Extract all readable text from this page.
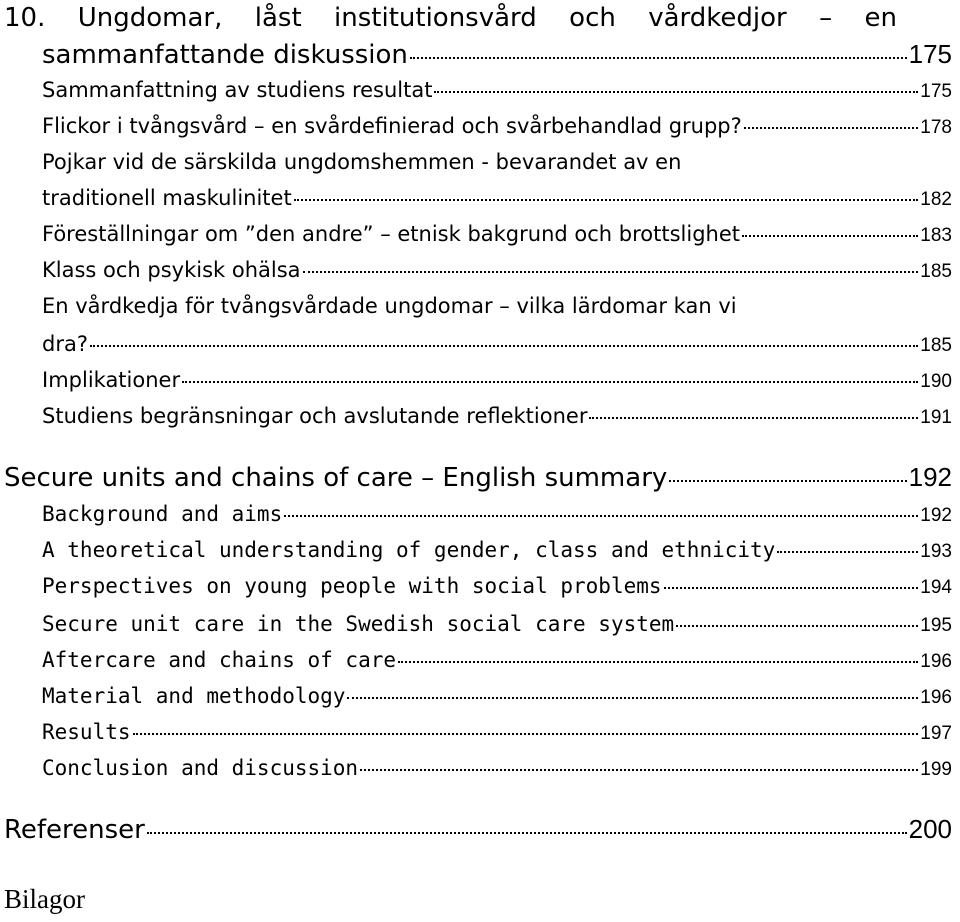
10. Ungdomar, låst institutionsvård och vårdkedjor – en
sammanfattande diskussion	175
Sammanfattning av studiens resultat	175
Flickor i tvångsvård – en svårdefinierad och svårbehandlad grupp?	178
Pojkar vid de särskilda ungdomshemmen - bevarandet av en
traditionell maskulinitet	182
Föreställningar om ”den andre” – etnisk bakgrund och brottslighet	183
Klass och psykisk ohälsa	185
En vårdkedja för tvångsvårdade ungdomar – vilka lärdomar kan vi
dra?	185
Implikationer	190
Studiens begränsningar och avslutande reflektioner	191
Secure units and chains of care – English summary	192
Background and aims	192
A theoretical understanding of gender, class and ethnicity	193
Perspectives on young people with social problems	194
Secure unit care in the Swedish social care system	195
Aftercare and chains of care	196
Material and methodology	196
Results	197
Conclusion and discussion	199
Referenser	200
Bilagor
